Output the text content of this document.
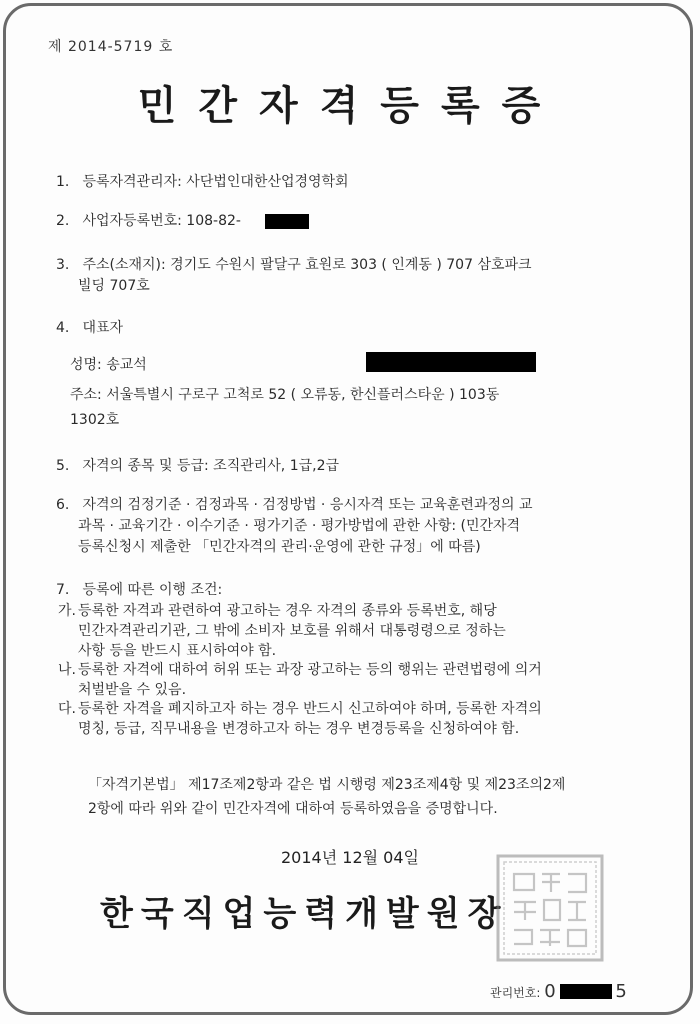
제 2014-5719 호
민간자격등록증
1. 등록자격관리자: 사단법인대한산업경영학회
2. 사업자등록번호: 108-82-
3. 주소(소재지): 경기도 수원시 팔달구 효원로 303 ( 인계동 ) 707 삼호파크
빌딩 707호
4. 대표자
성명: 송교석
주소: 서울특별시 구로구 고척로 52 ( 오류동, 한신플러스타운 ) 103동
1302호
5. 자격의 종목 및 등급: 조직관리사, 1급,2급
6. 자격의 검정기준 · 검정과목 · 검정방법 · 응시자격 또는 교육훈련과정의 교
과목 · 교육기간 · 이수기준 · 평가기준 · 평가방법에 관한 사항: (민간자격
등록신청시 제출한 「민간자격의 관리·운영에 관한 규정」에 따름)
7. 등록에 따른 이행 조건:
가. 등록한 자격과 관련하여 광고하는 경우 자격의 종류와 등록번호, 해당
민간자격관리기관, 그 밖에 소비자 보호를 위해서 대통령령으로 정하는
사항 등을 반드시 표시하여야 함.
나. 등록한 자격에 대하여 허위 또는 과장 광고하는 등의 행위는 관련법령에 의거
처벌받을 수 있음.
다. 등록한 자격을 폐지하고자 하는 경우 반드시 신고하여야 하며, 등록한 자격의
명칭, 등급, 직무내용을 변경하고자 하는 경우 변경등록을 신청하여야 함.
「자격기본법」 제17조제2항과 같은 법 시행령 제23조제4항 및 제23조의2제
2항에 따라 위와 같이 민간자격에 대하여 등록하였음을 증명합니다.
2014년 12월 04일
한국직업능력개발원장
관리번호: 0	5
